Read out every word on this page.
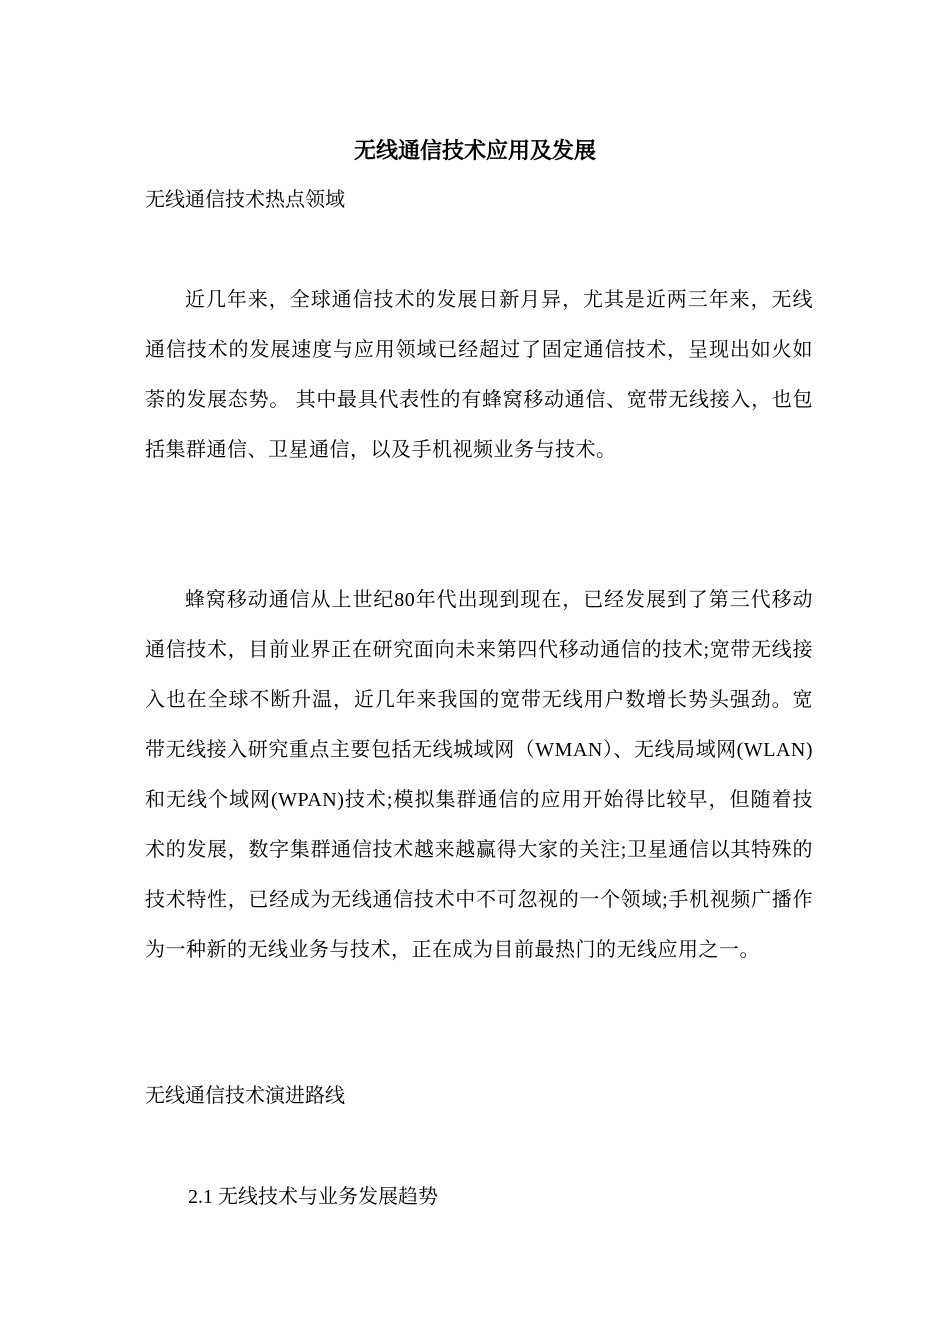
无线通信技术应用及发展

无线通信技术热点领域

近几年来，全球通信技术的发展日新月异，尤其是近两三年来，无线通信技术的发展速度与应用领域已经超过了固定通信技术，呈现出如火如荼的发展态势。 其中最具代表性的有蜂窝移动通信、宽带无线接入，也包括集群通信、卫星通信，以及手机视频业务与技术。

蜂窝移动通信从上世纪80年代出现到现在，已经发展到了第三代移动通信技术，目前业界正在研究面向未来第四代移动通信的技术;宽带无线接入也在全球不断升温，近几年来我国的宽带无线用户数增长势头强劲。宽带无线接入研究重点主要包括无线城域网（WMAN）、无线局域网(WLAN)和无线个域网(WPAN)技术;模拟集群通信的应用开始得比较早，但随着技术的发展，数字集群通信技术越来越赢得大家的关注;卫星通信以其特殊的技术特性，已经成为无线通信技术中不可忽视的一个领域;手机视频广播作为一种新的无线业务与技术，正在成为目前最热门的无线应用之一。

无线通信技术演进路线

2.1 无线技术与业务发展趋势
